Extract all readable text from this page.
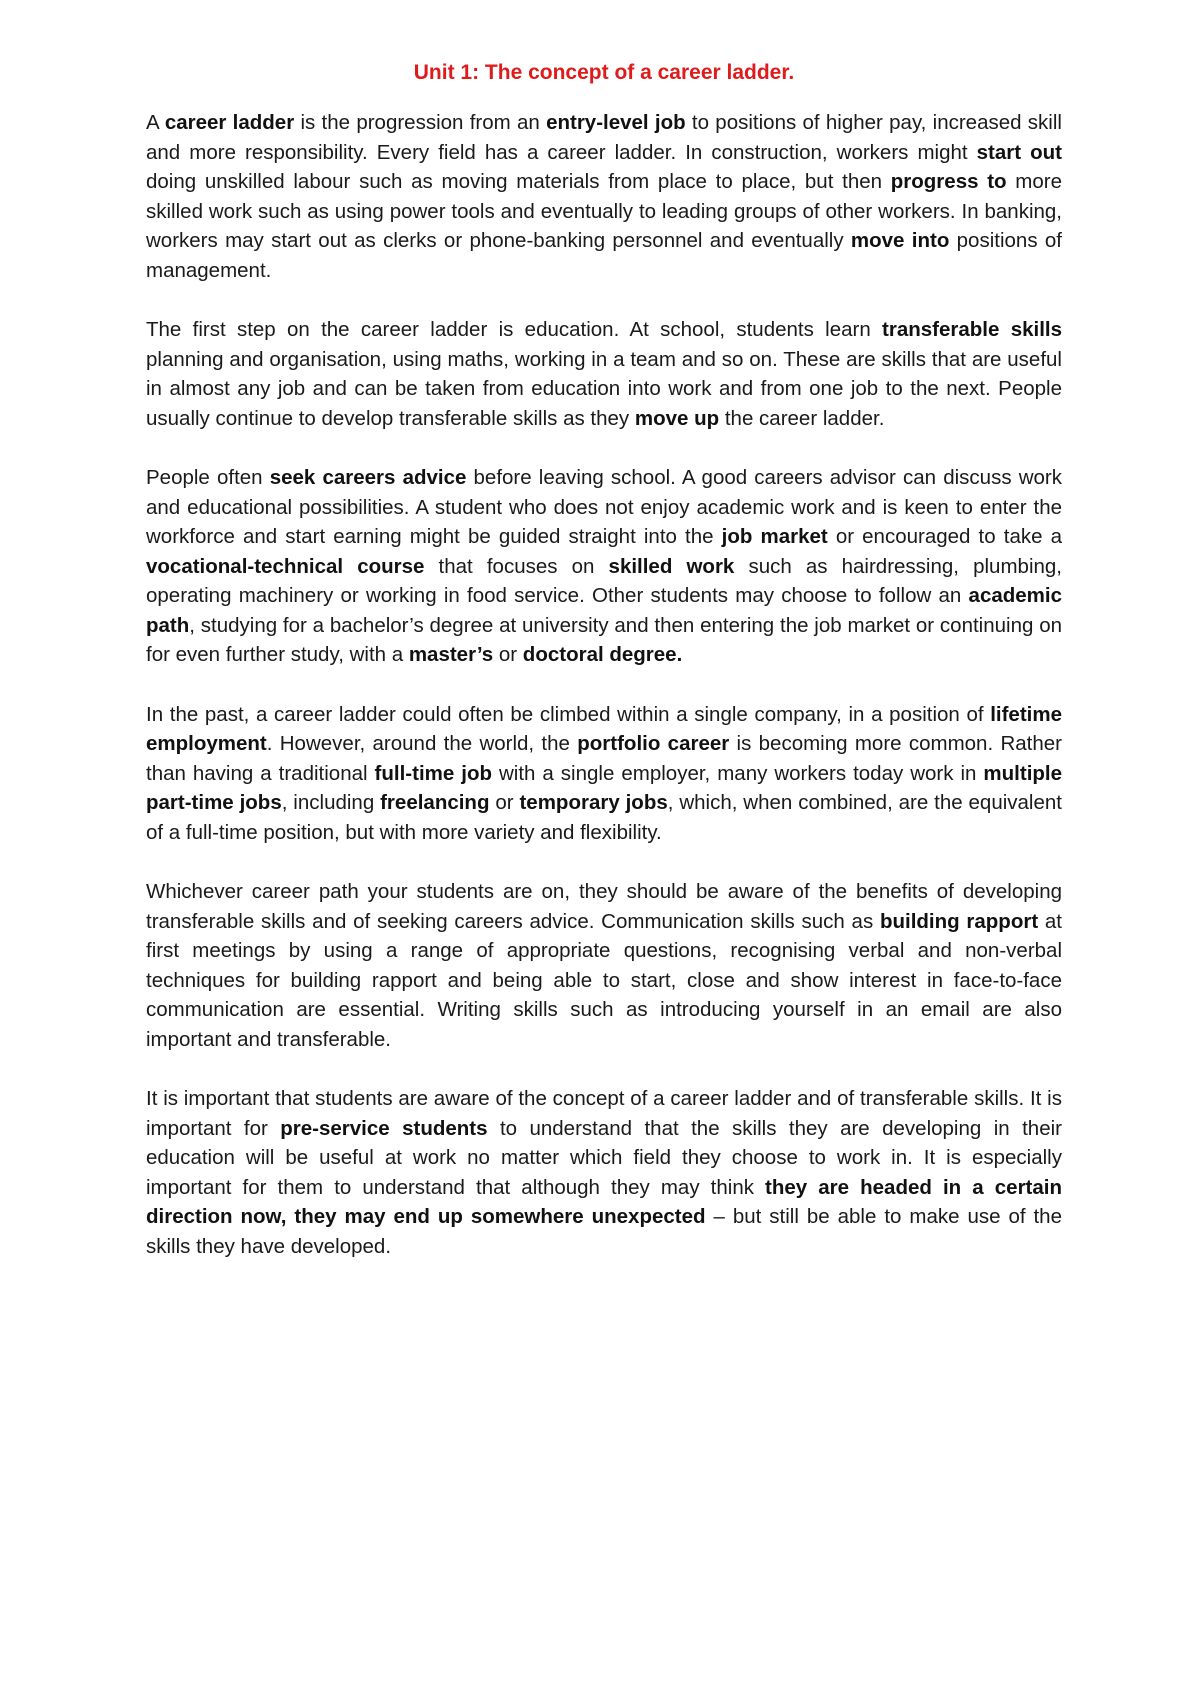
Unit 1: The concept of a career ladder.

A career ladder is the progression from an entry-level job to positions of higher pay, increased skill and more responsibility. Every field has a career ladder. In construction, workers might start out doing unskilled labour such as moving materials from place to place, but then progress to more skilled work such as using power tools and eventually to leading groups of other workers. In banking, workers may start out as clerks or phone-banking personnel and eventually move into positions of management.

The first step on the career ladder is education. At school, students learn transferable skills planning and organisation, using maths, working in a team and so on. These are skills that are useful in almost any job and can be taken from education into work and from one job to the next. People usually continue to develop transferable skills as they move up the career ladder.

People often seek careers advice before leaving school. A good careers advisor can discuss work and educational possibilities. A student who does not enjoy academic work and is keen to enter the workforce and start earning might be guided straight into the job market or encouraged to take a vocational-technical course that focuses on skilled work such as hairdressing, plumbing, operating machinery or working in food service. Other students may choose to follow an academic path, studying for a bachelor’s degree at university and then entering the job market or continuing on for even further study, with a master’s or doctoral degree.

In the past, a career ladder could often be climbed within a single company, in a position of lifetime employment. However, around the world, the portfolio career is becoming more common. Rather than having a traditional full-time job with a single employer, many workers today work in multiple part-time jobs, including freelancing or temporary jobs, which, when combined, are the equivalent of a full-time position, but with more variety and flexibility.

Whichever career path your students are on, they should be aware of the benefits of developing transferable skills and of seeking careers advice. Communication skills such as building rapport at first meetings by using a range of appropriate questions, recognising verbal and non-verbal techniques for building rapport and being able to start, close and show interest in face-to-face communication are essential. Writing skills such as introducing yourself in an email are also important and transferable.

It is important that students are aware of the concept of a career ladder and of transferable skills. It is important for pre-service students to understand that the skills they are developing in their education will be useful at work no matter which field they choose to work in. It is especially important for them to understand that although they may think they are headed in a certain direction now, they may end up somewhere unexpected – but still be able to make use of the skills they have developed.
